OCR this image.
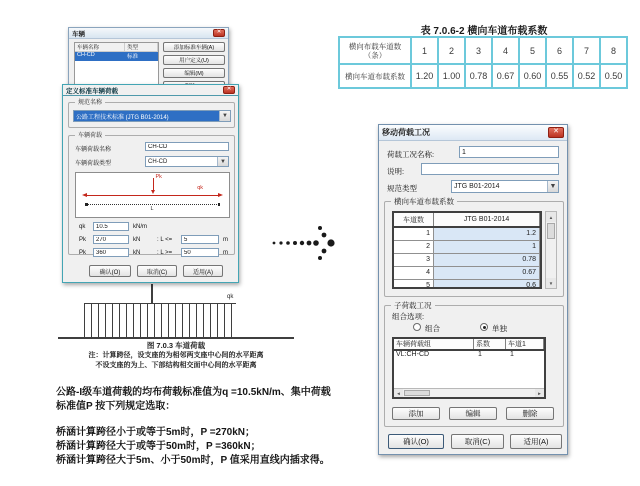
车辆	✕
车辆名称	类型
CH-CD	标准
添加标准车辆(A)
用户定义(U)
编辑(M)
定义标准车辆荷载	✕
规范名称
公路工程技术标准 (JTG B01-2014)	▼
车辆荷载
车辆荷载名称
CH-CD
车辆荷载类型	CH-CD	▼
Pk
qk
L
qk
10.5	kN/m
Pk
270	kN	: L <=
5	m
Pk
360	kN	: L >=
50	m
确认(O)	取消(C)	适用(A)
qk
图 7.0.3 车道荷载
注：计算跨径，设支座的为相邻两支座中心间的水平距离
不设支座的为上、下部结构相交面中心间的水平距离
公路-I级车道荷载的均布荷载标准值为q =10.5kN/m、集中荷载
标准值P 按下列规定选取：
桥涵计算跨径小于或等于5m时，P =270kN；
桥涵计算跨径大于或等于50m时，P =360kN；
桥涵计算跨径大于5m、小于50m时，P 值采用直线内插求得。
表 7.0.6-2 横向车道布载系数
横向布载车道数
（条）	1	2	3	4	5	6	7	8
横向车道布载系数	1.20	1.00	0.78	0.67	0.60	0.55	0.52	0.50
移动荷载工况	✕
荷载工况名称:
1
说明:
规范类型	JTG B01-2014	▼
横向车道布载系数
车道数	JTG B01-2014
1	1.2
2	1
3	0.78
4	0.67
5	0.6
▲
▼
子荷载工况
组合选项:
组合	单独
车辆荷载组	系数	车道1
VL:CH-CD	1	1
◄	►
添加	编辑	删除
确认(O)	取消(C)	适用(A)
